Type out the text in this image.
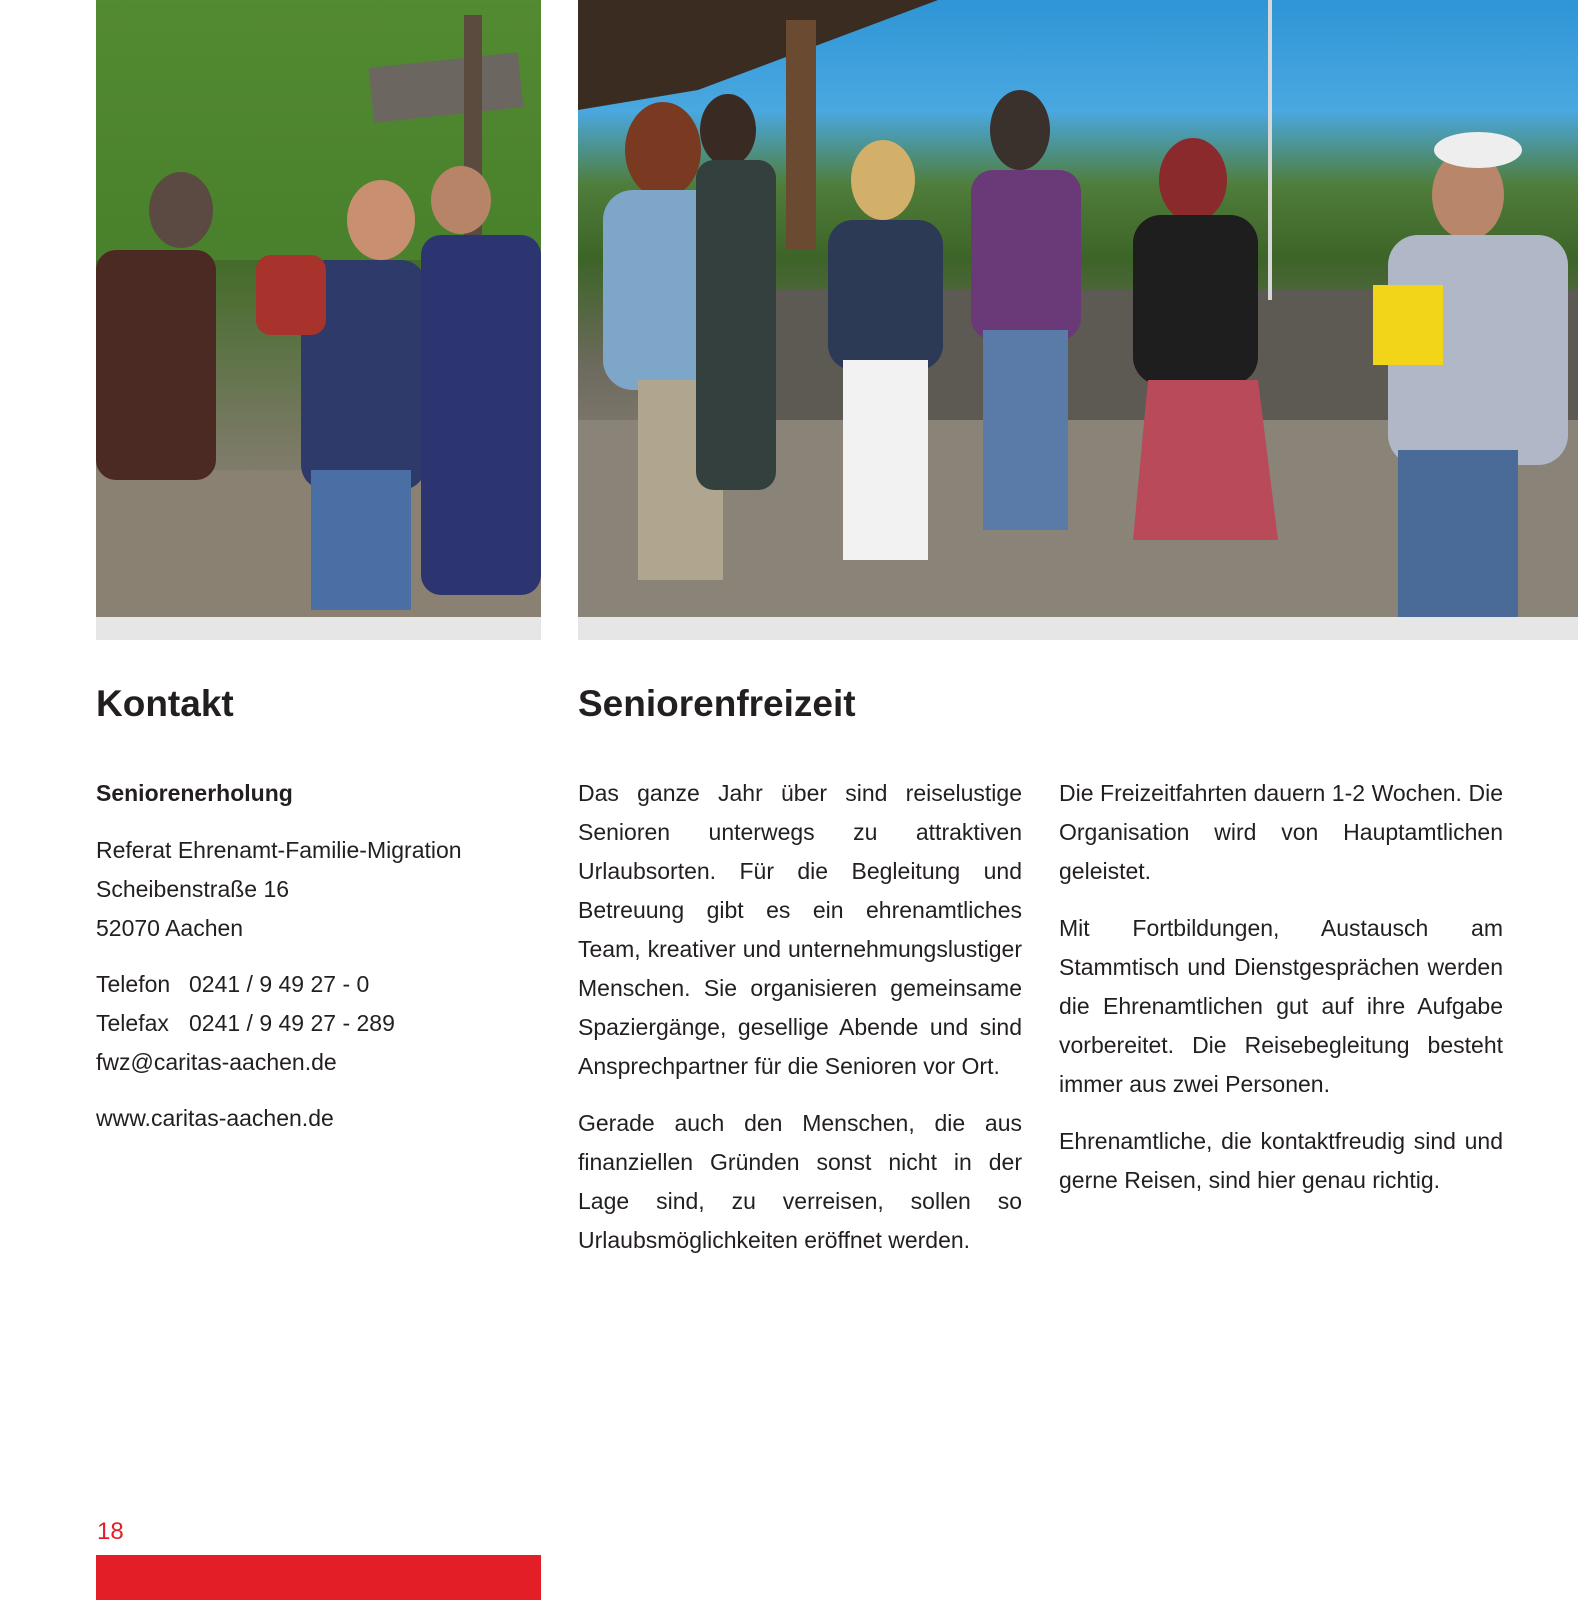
Kontakt
Seniorenerholung
Referat Ehrenamt-Familie-Migration
Scheibenstraße 16
52070 Aachen
Telefon 0241 / 9 49 27 - 0
Telefax 0241 / 9 49 27 - 289
fwz@caritas-aachen.de
www.caritas-aachen.de
Seniorenfreizeit

Das ganze Jahr über sind reiselustige Senioren unterwegs zu attraktiven Urlaubsorten. Für die Begleitung und Betreuung gibt es ein ehrenamtliches Team, kreativer und unternehmungslustiger Menschen. Sie organisieren gemeinsame Spaziergänge, gesellige Abende und sind Ansprechpartner für die Senioren vor Ort.

Gerade auch den Menschen, die aus finanziellen Gründen sonst nicht in der Lage sind, zu verreisen, sollen so Urlaubsmöglichkeiten eröffnet werden.

Die Freizeitfahrten dauern 1-2 Wochen. Die Organisation wird von Hauptamtlichen geleistet.

Mit Fortbildungen, Austausch am Stammtisch und Dienstgesprächen werden die Ehrenamtlichen gut auf ihre Aufgabe vorbereitet. Die Reisebegleitung besteht immer aus zwei Personen.

Ehrenamtliche, die kontaktfreudig sind und gerne Reisen, sind hier genau richtig.

18
